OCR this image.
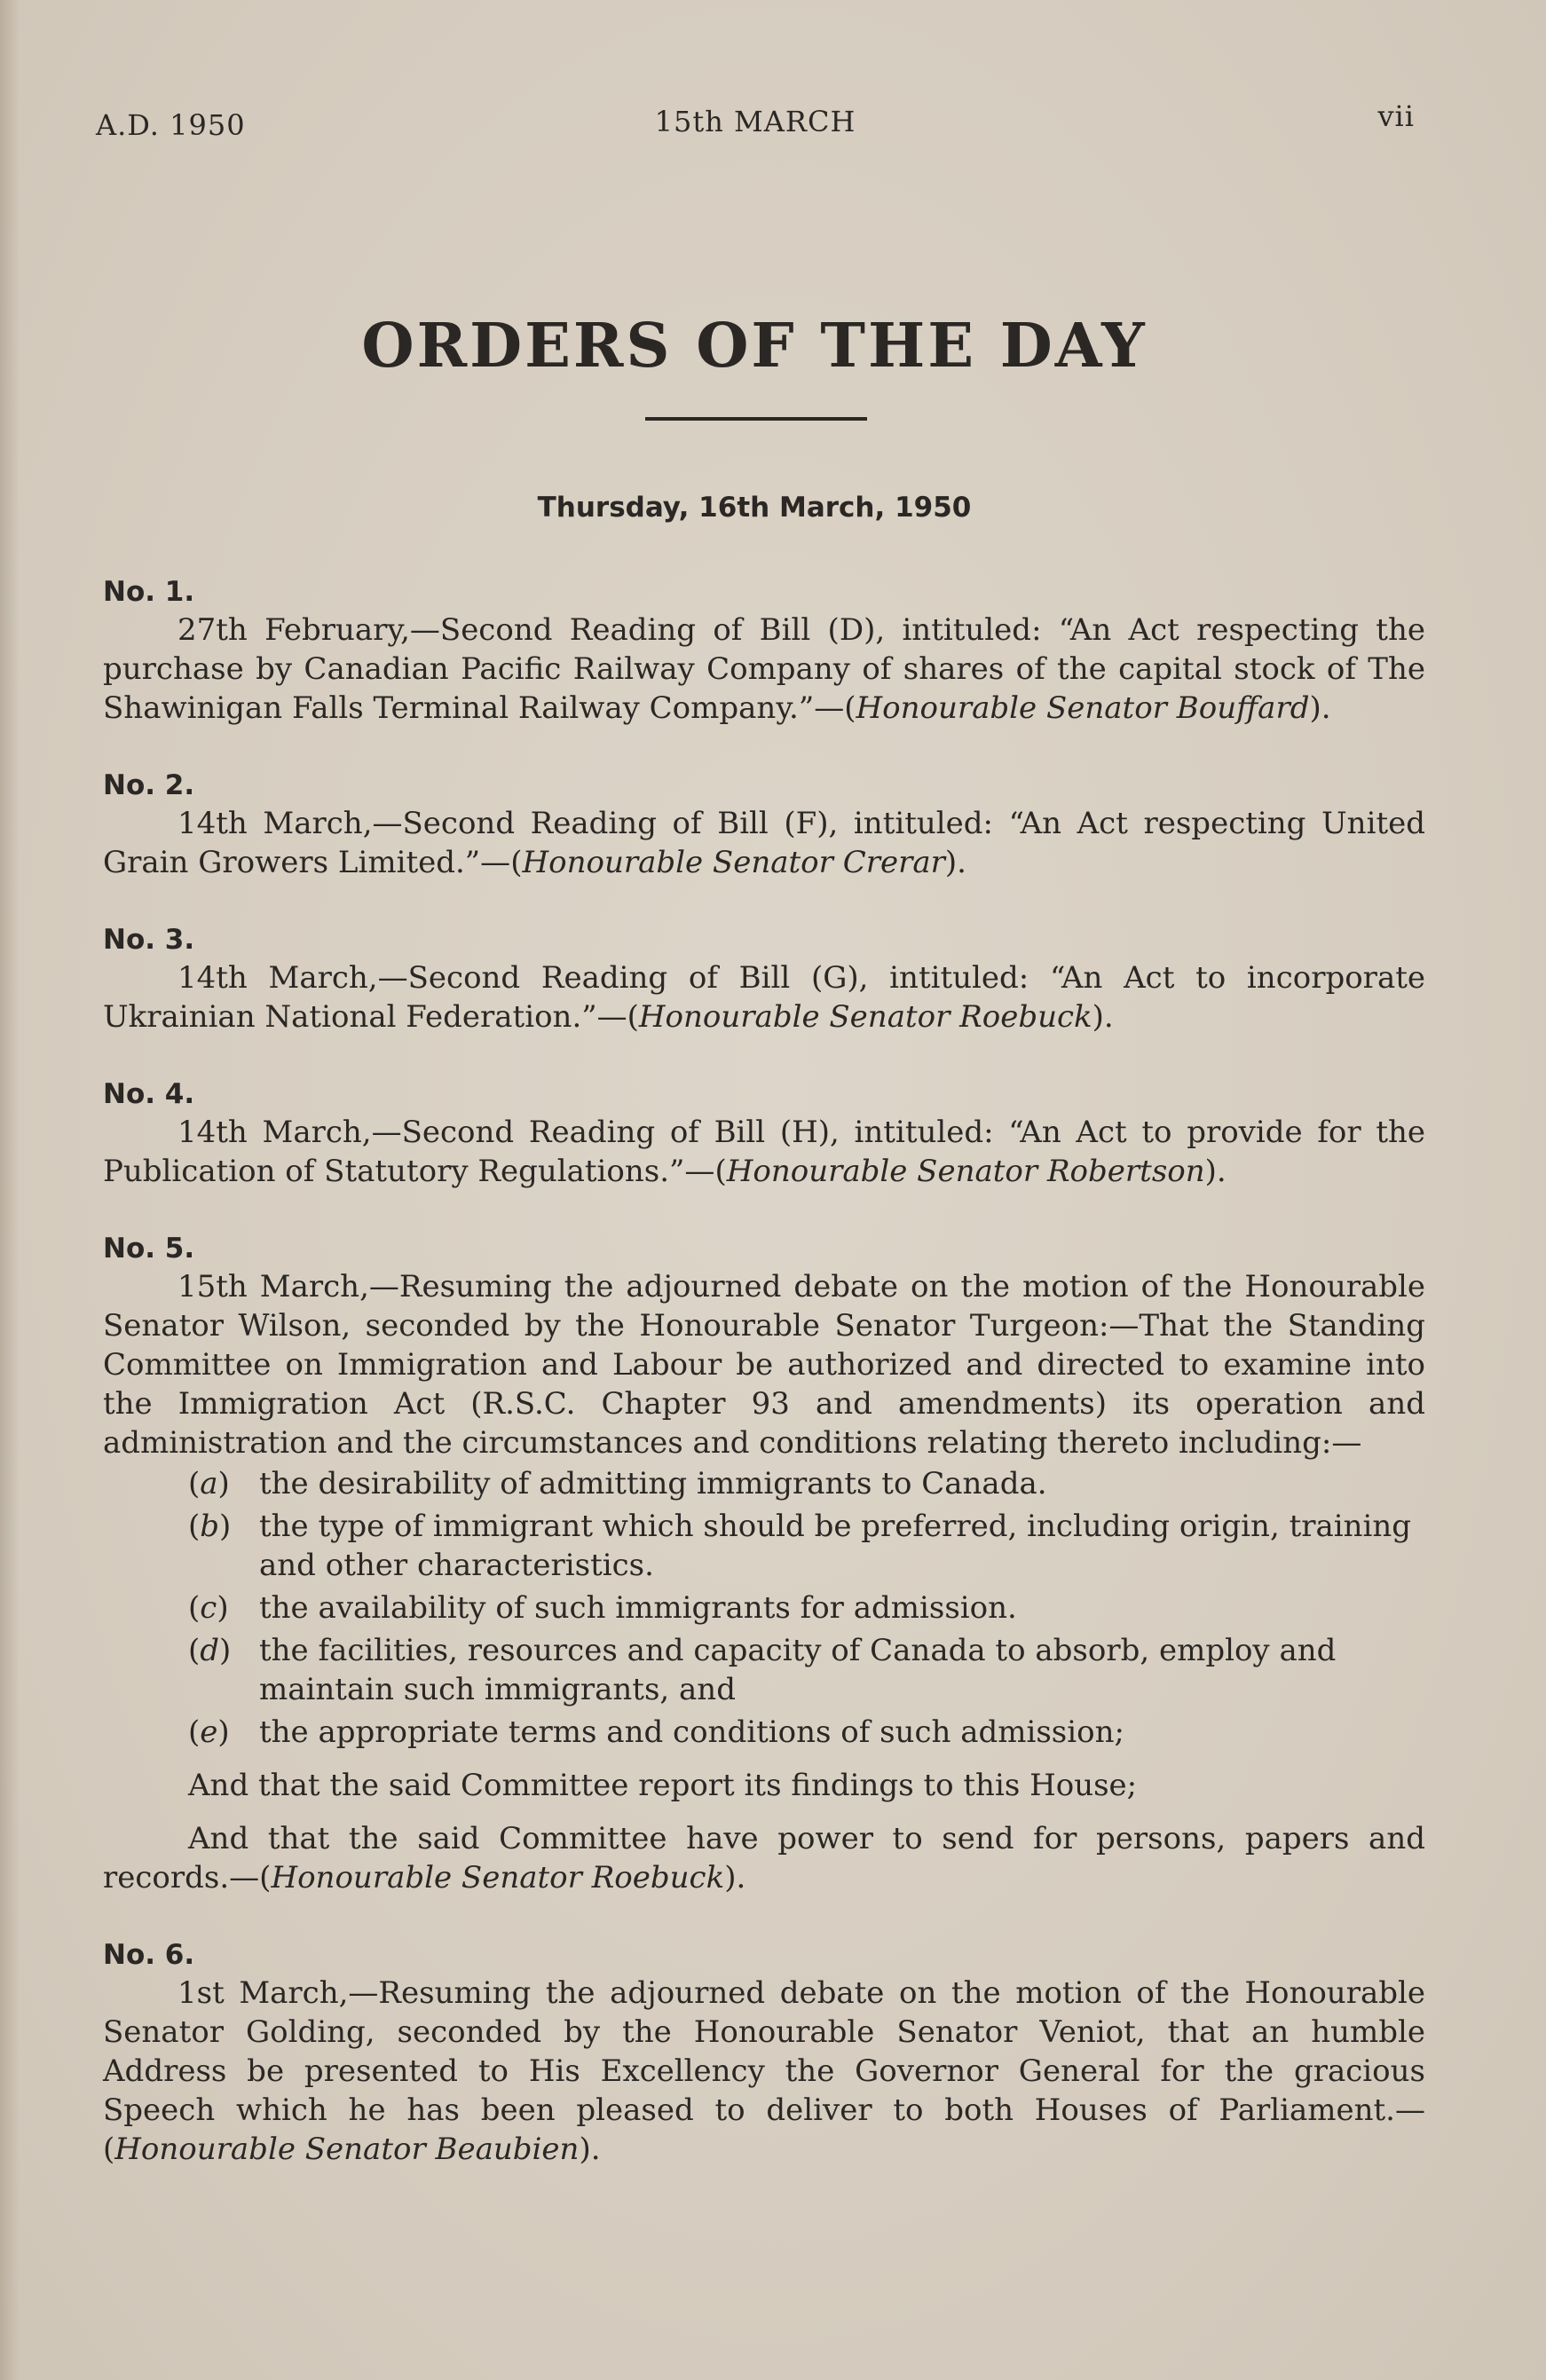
A.D. 1950	15th MARCH	vii
ORDERS OF THE DAY
Thursday, 16th March, 1950
No. 1.

27th February,—Second Reading of Bill (D), intituled: “An Act respecting the purchase by Canadian Pacific Railway Company of shares of the capital stock of The Shawinigan Falls Terminal Railway Company.”—(Honourable Senator Bouffard).

No. 2.

14th March,—Second Reading of Bill (F), intituled: “An Act respecting United Grain Growers Limited.”—(Honourable Senator Crerar).

No. 3.

14th March,—Second Reading of Bill (G), intituled: “An Act to incorporate Ukrainian National Federation.”—(Honourable Senator Roebuck).

No. 4.

14th March,—Second Reading of Bill (H), intituled: “An Act to provide for the Publication of Statutory Regulations.”—(Honourable Senator Robertson).

No. 5.

15th March,—Resuming the adjourned debate on the motion of the Honourable Senator Wilson, seconded by the Honourable Senator Turgeon:—That the Standing Committee on Immigration and Labour be authorized and directed to examine into the Immigration Act (R.S.C. Chapter 93 and amendments) its operation and administration and the circumstances and conditions relating thereto including:—

(a) the desirability of admitting immigrants to Canada.
(b) the type of immigrant which should be preferred, including origin, training and other characteristics.
(c) the availability of such immigrants for admission.
(d) the facilities, resources and capacity of Canada to absorb, employ and maintain such immigrants, and
(e) the appropriate terms and conditions of such admission;

And that the said Committee report its findings to this House;

And that the said Committee have power to send for persons, papers and records.—(Honourable Senator Roebuck).

No. 6.

1st March,—Resuming the adjourned debate on the motion of the Honourable Senator Golding, seconded by the Honourable Senator Veniot, that an humble Address be presented to His Excellency the Governor General for the gracious Speech which he has been pleased to deliver to both Houses of Parliament.—(Honourable Senator Beaubien).
